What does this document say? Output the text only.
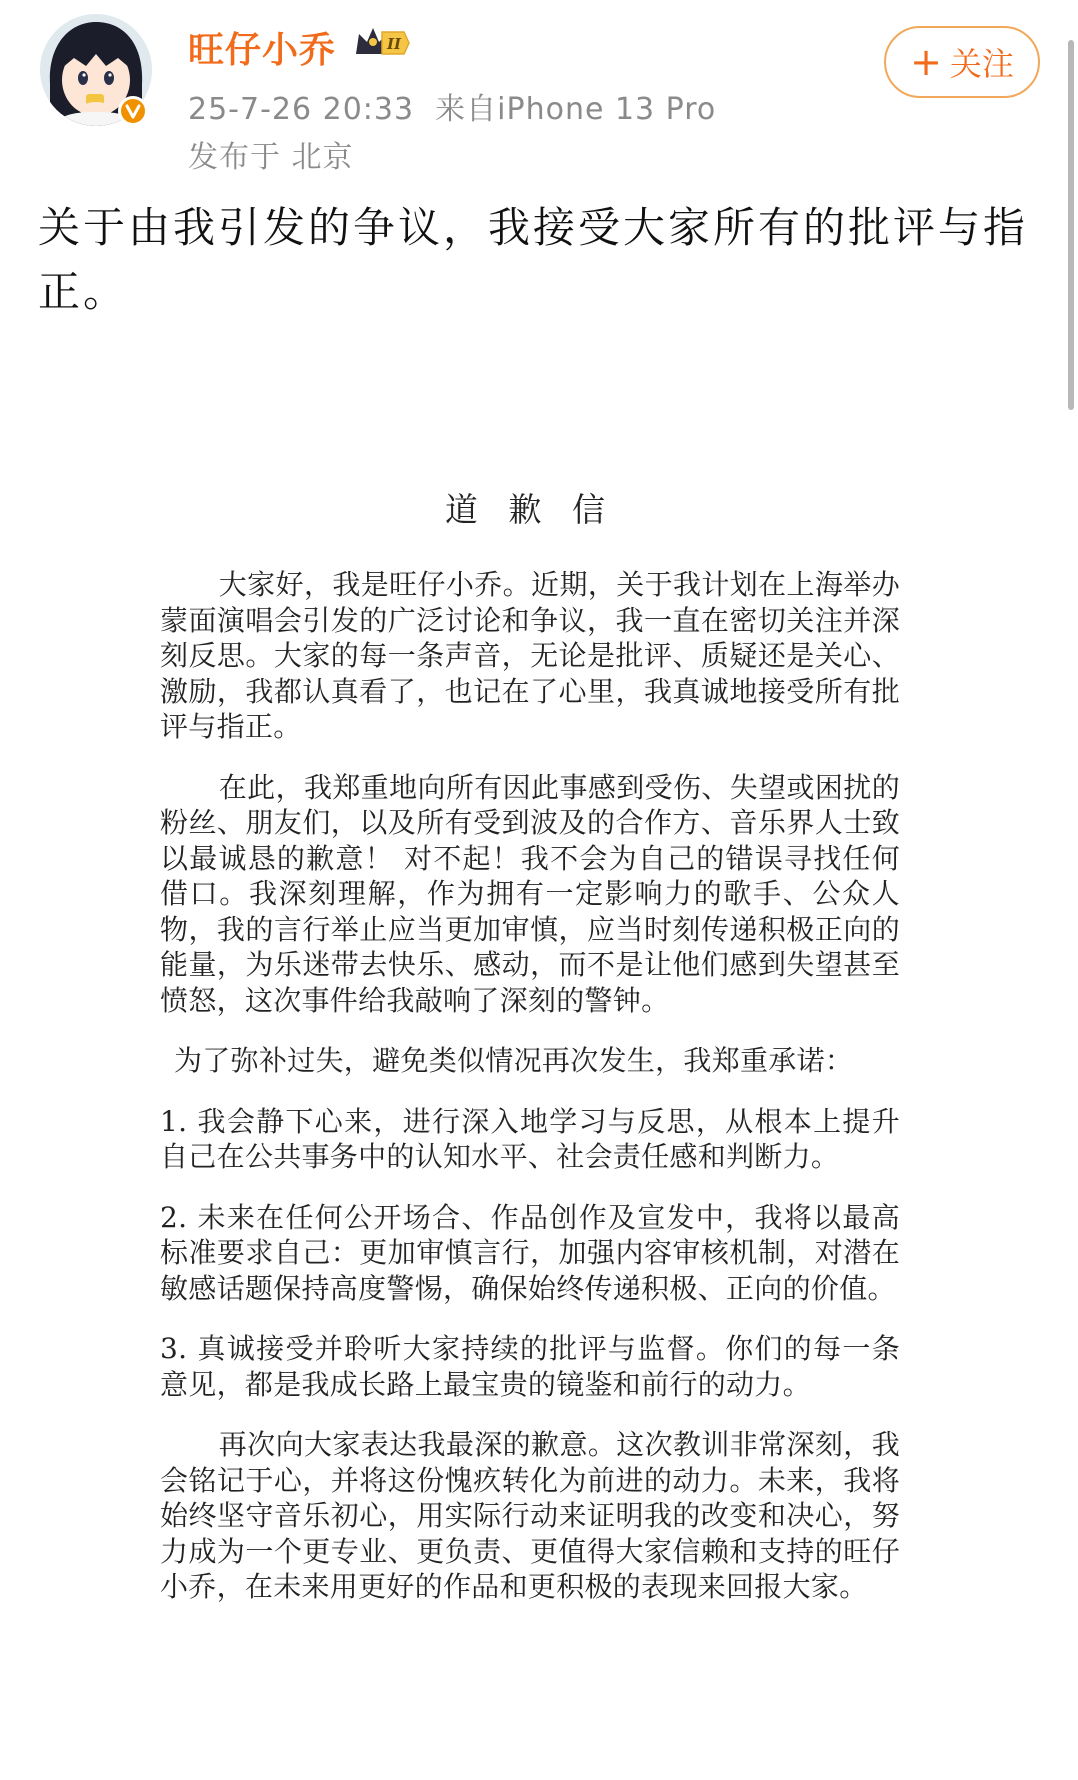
旺仔小乔	II
25-7-26 20:33 来自iPhone 13 Pro
发布于 北京
+ 关注
关于由我引发的争议，我接受大家所有的批评与指正。
道 歉 信

大家好，我是旺仔小乔。近期，关于我计划在上海举办蒙面演唱会引发的广泛讨论和争议，我一直在密切关注并深刻反思。大家的每一条声音，无论是批评、质疑还是关心、激励，我都认真看了，也记在了心里，我真诚地接受所有批评与指正。

在此，我郑重地向所有因此事感到受伤、失望或困扰的粉丝、朋友们，以及所有受到波及的合作方、音乐界人士致以最诚恳的歉意！ 对不起！我不会为自己的错误寻找任何借口。我深刻理解，作为拥有一定影响力的歌手、公众人物，我的言行举止应当更加审慎，应当时刻传递积极正向的能量，为乐迷带去快乐、感动，而不是让他们感到失望甚至愤怒，这次事件给我敲响了深刻的警钟。

为了弥补过失，避免类似情况再次发生，我郑重承诺：

1. 我会静下心来，进行深入地学习与反思，从根本上提升自己在公共事务中的认知水平、社会责任感和判断力。

2. 未来在任何公开场合、作品创作及宣发中，我将以最高标准要求自己：更加审慎言行，加强内容审核机制，对潜在敏感话题保持高度警惕，确保始终传递积极、正向的价值。

3. 真诚接受并聆听大家持续的批评与监督。你们的每一条意见，都是我成长路上最宝贵的镜鉴和前行的动力。

再次向大家表达我最深的歉意。这次教训非常深刻，我会铭记于心，并将这份愧疚转化为前进的动力。未来，我将始终坚守音乐初心，用实际行动来证明我的改变和决心，努力成为一个更专业、更负责、更值得大家信赖和支持的旺仔小乔，在未来用更好的作品和更积极的表现来回报大家。
